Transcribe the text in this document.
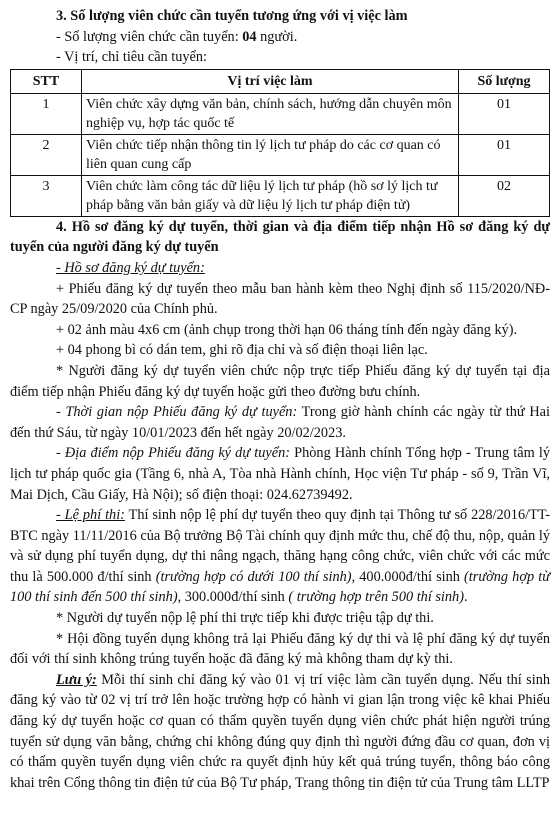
3. Số lượng viên chức cần tuyển tương ứng với vị việc làm

- Số lượng viên chức cần tuyển: 04 người.

- Vị trí, chỉ tiêu cần tuyển:

STT	Vị trí việc làm	Số lượng
1	Viên chức xây dựng văn bản, chính sách, hướng dẫn chuyên môn nghiệp vụ, hợp tác quốc tế	01
2	Viên chức tiếp nhận thông tin lý lịch tư pháp do các cơ quan có liên quan cung cấp	01
3	Viên chức làm công tác dữ liệu lý lịch tư pháp (hồ sơ lý lịch tư pháp bằng văn bản giấy và dữ liệu lý lịch tư pháp điện tử)	02

4. Hồ sơ đăng ký dự tuyển, thời gian và địa điểm tiếp nhận Hồ sơ đăng ký dự tuyển của người đăng ký dự tuyển

- Hồ sơ đăng ký dự tuyển:

+ Phiếu đăng ký dự tuyển theo mẫu ban hành kèm theo Nghị định số 115/2020/NĐ-CP ngày 25/09/2020 của Chính phủ.

+ 02 ảnh màu 4x6 cm (ảnh chụp trong thời hạn 06 tháng tính đến ngày đăng ký).

+ 04 phong bì có dán tem, ghi rõ địa chỉ và số điện thoại liên lạc.

* Người đăng ký dự tuyển viên chức nộp trực tiếp Phiếu đăng ký dự tuyển tại địa điểm tiếp nhận Phiếu đăng ký dự tuyển hoặc gửi theo đường bưu chính.

- Thời gian nộp Phiếu đăng ký dự tuyển: Trong giờ hành chính các ngày từ thứ Hai đến thứ Sáu, từ ngày 10/01/2023 đến hết ngày 20/02/2023.

- Địa điểm nộp Phiếu đăng ký dự tuyển: Phòng Hành chính Tổng hợp - Trung tâm lý lịch tư pháp quốc gia (Tầng 6, nhà A, Tòa nhà Hành chính, Học viện Tư pháp - số 9, Trần Vĩ, Mai Dịch, Cầu Giấy, Hà Nội); số điện thoại: 024.62739492.

- Lệ phí thi: Thí sinh nộp lệ phí dự tuyển theo quy định tại Thông tư số 228/2016/TT-BTC ngày 11/11/2016 của Bộ trưởng Bộ Tài chính quy định mức thu, chế độ thu, nộp, quản lý và sử dụng phí tuyển dụng, dự thi nâng ngạch, thăng hạng công chức, viên chức với các mức thu là 500.000 đ/thí sinh (trường hợp có dưới 100 thí sinh), 400.000đ/thí sinh (trường hợp từ 100 thí sinh đến 500 thí sinh), 300.000đ/thí sinh ( trường hợp trên 500 thí sinh).

* Người dự tuyển nộp lệ phí thi trực tiếp khi được triệu tập dự thi.

* Hội đồng tuyển dụng không trả lại Phiếu đăng ký dự thi và lệ phí đăng ký dự tuyển đối với thí sinh không trúng tuyển hoặc đã đăng ký mà không tham dự kỳ thi.

Lưu ý: Mỗi thí sinh chỉ đăng ký vào 01 vị trí việc làm cần tuyển dụng. Nếu thí sinh đăng ký vào từ 02 vị trí trở lên hoặc trường hợp có hành vi gian lận trong việc kê khai Phiếu đăng ký dự tuyển hoặc cơ quan có thẩm quyền tuyển dụng viên chức phát hiện người trúng tuyển sử dụng văn bằng, chứng chỉ không đúng quy định thì người đứng đầu cơ quan, đơn vị có thẩm quyền tuyển dụng viên chức ra quyết định hủy kết quả trúng tuyển, thông báo công khai trên Cổng thông tin điện tử của Bộ Tư pháp, Trang thông tin điện tử của Trung tâm LLTP
